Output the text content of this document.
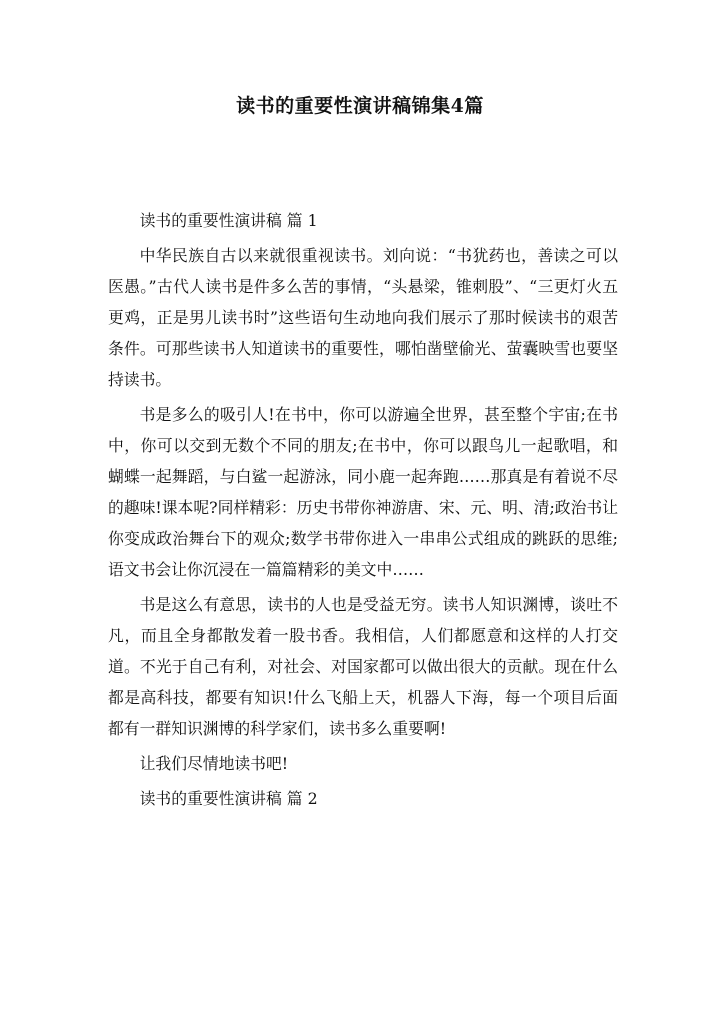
读书的重要性演讲稿锦集4篇

读书的重要性演讲稿 篇 1

中华民族自古以来就很重视读书。刘向说：“书犹药也，善读之可以医愚。”古代人读书是件多么苦的事情，“头悬梁，锥刺股”、“三更灯火五更鸡，正是男儿读书时”这些语句生动地向我们展示了那时候读书的艰苦条件。可那些读书人知道读书的重要性，哪怕凿壁偷光、萤囊映雪也要坚持读书。

书是多么的吸引人!在书中，你可以游遍全世界，甚至整个宇宙;在书中，你可以交到无数个不同的朋友;在书中，你可以跟鸟儿一起歌唱，和蝴蝶一起舞蹈，与白鲨一起游泳，同小鹿一起奔跑……那真是有着说不尽的趣味!课本呢?同样精彩：历史书带你神游唐、宋、元、明、清;政治书让你变成政治舞台下的观众;数学书带你进入一串串公式组成的跳跃的思维;语文书会让你沉浸在一篇篇精彩的美文中……

书是这么有意思，读书的人也是受益无穷。读书人知识渊博，谈吐不凡，而且全身都散发着一股书香。我相信，人们都愿意和这样的人打交道。不光于自己有利，对社会、对国家都可以做出很大的贡献。现在什么都是高科技，都要有知识!什么飞船上天，机器人下海，每一个项目后面都有一群知识渊博的科学家们，读书多么重要啊!

让我们尽情地读书吧!

读书的重要性演讲稿 篇 2
